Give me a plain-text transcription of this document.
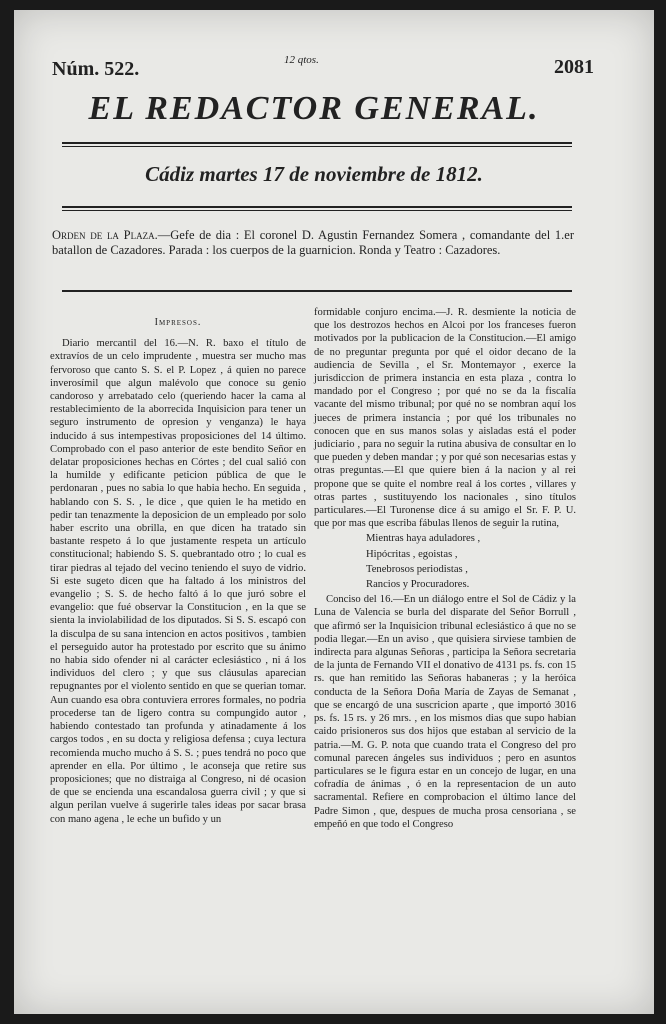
Núm. 522.	12 qtos.	2081
EL REDACTOR GENERAL.
Cádiz martes 17 de noviembre de 1812.
Orden de la Plaza.—Gefe de dia : El coronel D. Agustin Fernandez Somera , comandante del 1.er batallon de Cazadores. Parada : los cuerpos de la guarnicion. Ronda y Teatro : Cazadores.
Impresos.

Diario mercantil del 16.—N. R. baxo el título de extravíos de un celo imprudente , muestra ser mucho mas fervoroso que canto S. S. el P. Lopez , á quien no parece inverosímil que algun malévolo que conoce su genio candoroso y arrebatado celo (queriendo hacer la cama al restablecimiento de la aborrecida Inquisicion para tener un seguro instrumento de opresion y venganza) le haya inducido á sus intempestivas proposiciones del 14 último. Comprobado con el paso anterior de este bendito Señor en delatar proposiciones hechas en Córtes ; del cual salió con la humilde y edificante peticion pública de que le perdonaran , pues no sabia lo que habia hecho. En seguida , hablando con S. S. , le dice , que quien le ha metido en pedir tan tenazmente la deposicion de un empleado por solo haber escrito una obrilla, en que dicen ha tratado sin bastante respeto á lo que justamente respeta un artículo constitucional; habiendo S. S. quebrantado otro ; lo cual es tirar piedras al tejado del vecino teniendo el suyo de vidrio. Si este sugeto dicen que ha faltado á los ministros del evangelio ; S. S. de hecho faltó á lo que juró sobre el evangelio: que fué observar la Constitucion , en la que se sienta la inviolabilidad de los diputados. Si S. S. escapó con la disculpa de su sana intencion en actos positivos , tambien el perseguido autor ha protestado por escrito que su ánimo no habia sido ofender ni al carácter eclesiástico , ni á los individuos del clero ; y que sus cláusulas aparecian repugnantes por el violento sentido en que se querian tomar. Aun cuando esa obra contuviera errores formales, no podria procederse tan de ligero contra su compungido autor , habiendo contestado tan profunda y atinadamente á los cargos todos , en su docta y religiosa defensa ; cuya lectura recomienda mucho mucho á S. S. ; pues tendrá no poco que aprender en ella. Por último , le aconseja que retire sus proposiciones; que no distraiga al Congreso, ni dé ocasion de que se encienda una escandalosa guerra civil ; y que si algun perilan vuelve á sugerirle tales ideas por sacar brasa con mano agena , le eche un bufido y un

formidable conjuro encima.—J. R. desmiente la noticia de que los destrozos hechos en Alcoi por los franceses fueron motivados por la publicacion de la Constitucion.—El amigo de no preguntar pregunta por qué el oidor decano de la audiencia de Sevilla , el Sr. Montemayor , exerce la jurisdiccion de primera instancia en esta plaza , contra lo mandado por el Congreso ; por qué no se da la fiscalía vacante del mismo tribunal; por qué no se nombran aquí los jueces de primera instancia ; por qué los tribunales no conocen que en sus manos solas y aisladas está el poder judiciario , para no seguir la rutina abusiva de consultar en lo que pueden y deben mandar ; y por qué son necesarias estas y otras preguntas.—El que quiere bien á la nacion y al rei propone que se quite el nombre real á los cortes , villares y otras partes , sustituyendo los nacionales , sino títulos particulares.—El Turonense dice á su amigo el Sr. F. P. U. que por mas que escriba fábulas llenos de seguir la rutina,

Mientras haya aduladores ,

Hipócritas , egoistas ,

Tenebrosos periodistas ,

Rancios y Procuradores.

Conciso del 16.—En un diálogo entre el Sol de Cádiz y la Luna de Valencia se burla del disparate del Señor Borrull , que afirmó ser la Inquisicion tribunal eclesiástico á que no se podia llegar.—En un aviso , que quisiera sirviese tambien de indirecta para algunas Señoras , participa la Señora secretaria de la junta de Fernando VII el donativo de 4131 ps. fs. con 15 rs. que han remitido las Señoras habaneras ; y la heróica conducta de la Señora Doña María de Zayas de Semanat , que se encargó de una suscricion aparte , que importó 3016 ps. fs. 15 rs. y 26 mrs. , en los mismos dias que supo habian caido prisioneros sus dos hijos que estaban al servicio de la patria.—M. G. P. nota que cuando trata el Congreso del pro comunal parecen ángeles sus individuos ; pero en asuntos particulares se le figura estar en un concejo de lugar, en una cofradía de ánimas , ó en la representacion de un auto sacramental. Refiere en comprobacion el último lance del Padre Simon , que, despues de mucha prosa censoriana , se empeñó en que todo el Congreso
